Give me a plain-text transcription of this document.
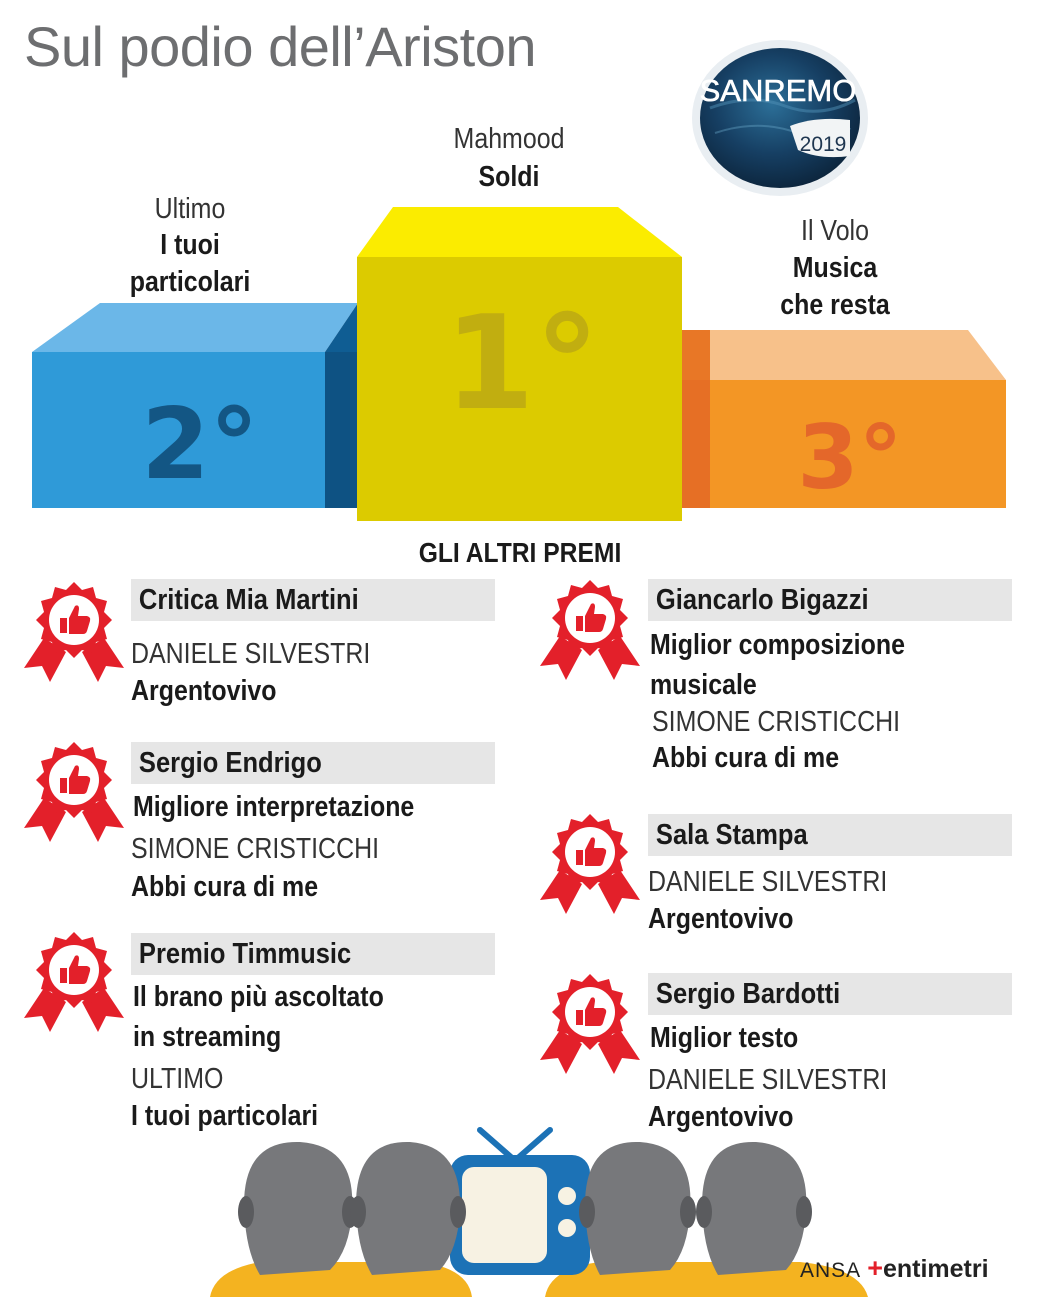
Sul podio dell’Ariston
SANREMO
2019
Mahmood
Soldi
Ultimo
I tuoi
particolari
Il Volo
Musica
che resta
2°	3°
1°
GLI ALTRI PREMI
Critica Mia Martini
DANIELE SILVESTRI
Argentovivo
Sergio Endrigo
Migliore interpretazione
SIMONE CRISTICCHI
Abbi cura di me
Premio Timmusic
Il brano più ascoltato
in streaming
ULTIMO
I tuoi particolari
Giancarlo Bigazzi
Miglior composizione
musicale
SIMONE CRISTICCHI
Abbi cura di me
Sala Stampa
DANIELE SILVESTRI
Argentovivo
Sergio Bardotti
Miglior testo
DANIELE SILVESTRI
Argentovivo
ANSA +entimetri
